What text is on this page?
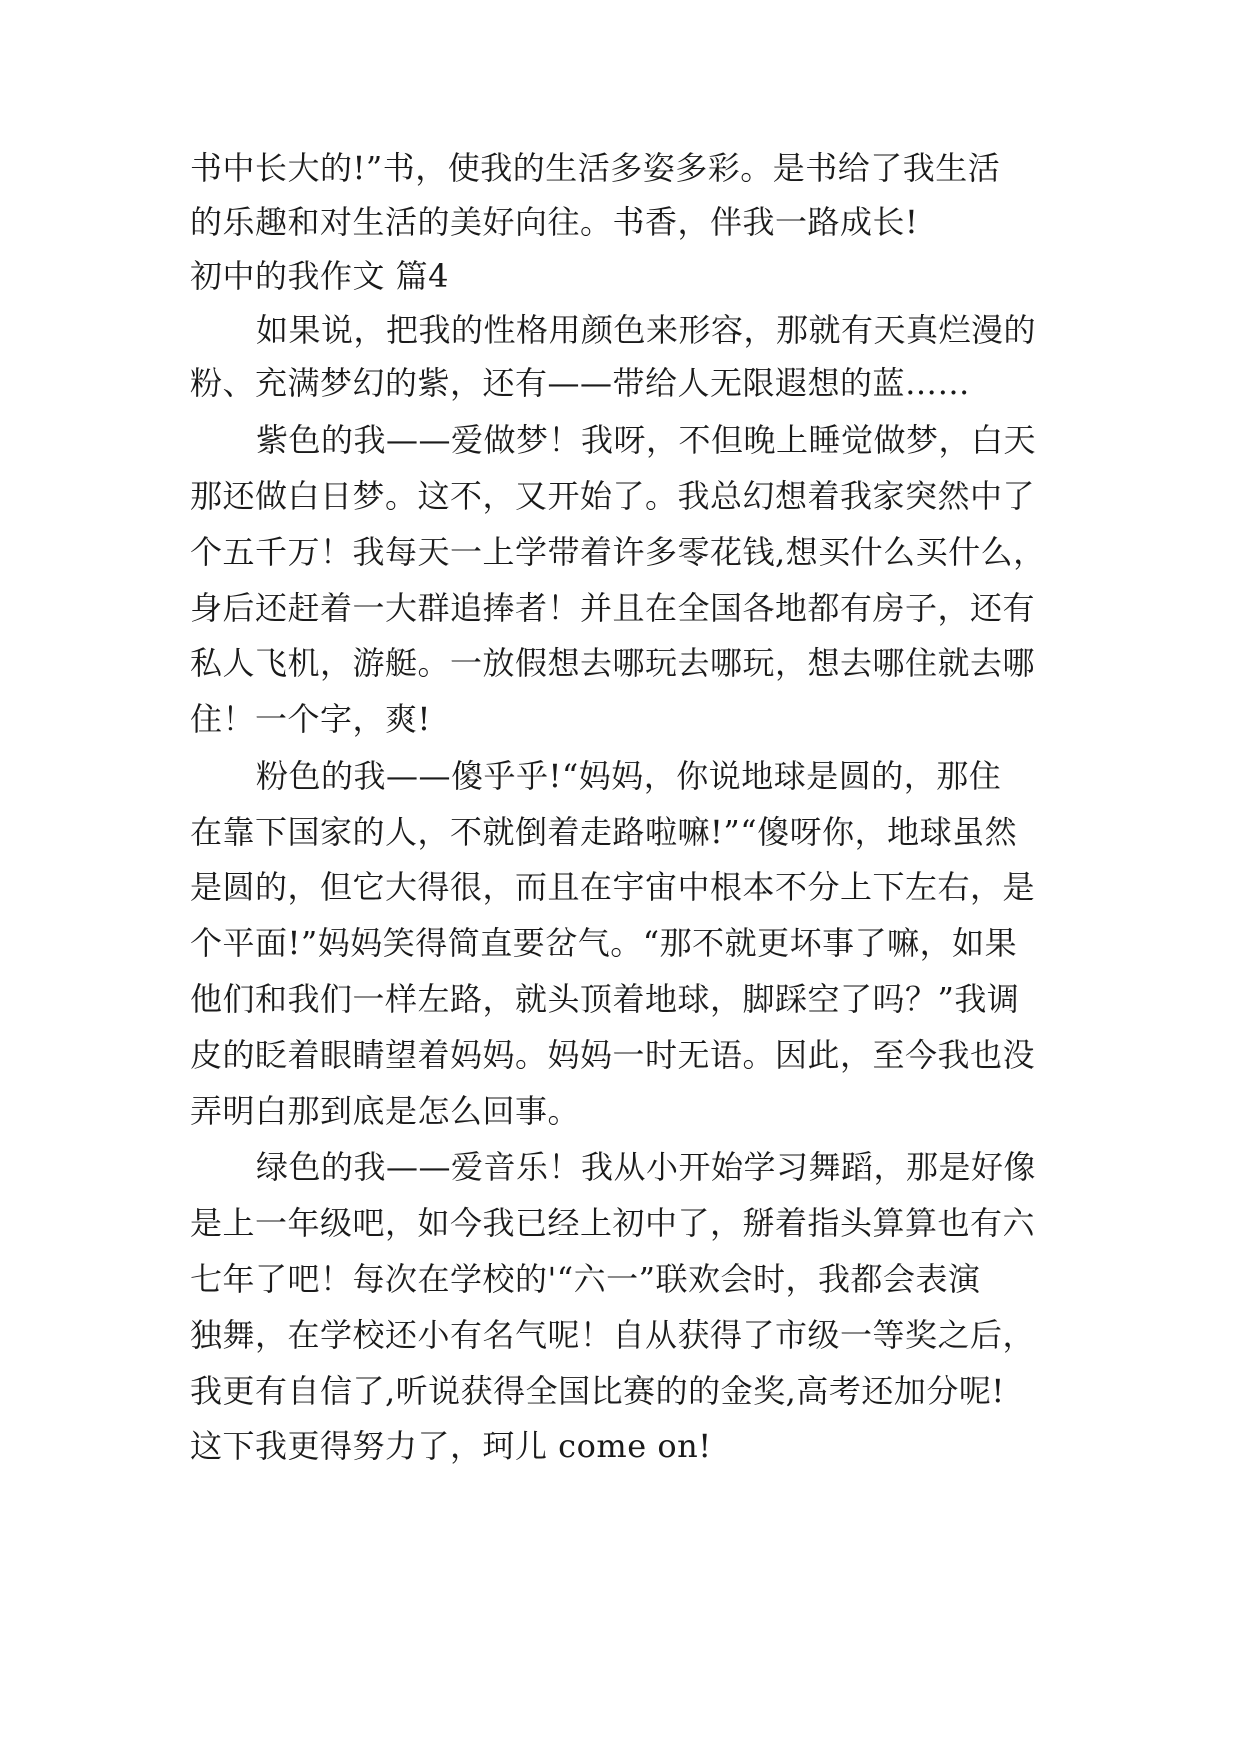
书中长大的!”书，使我的生活多姿多彩。是书给了我生活
的乐趣和对生活的美好向往。书香，伴我一路成长!
初中的我作文 篇4
如果说，把我的性格用颜色来形容，那就有天真烂漫的
粉、充满梦幻的紫，还有——带给人无限遐想的蓝……
紫色的我——爱做梦！我呀，不但晚上睡觉做梦，白天
那还做白日梦。这不，又开始了。我总幻想着我家突然中了
个五千万！我每天一上学带着许多零花钱,想买什么买什么，
身后还赶着一大群追捧者！并且在全国各地都有房子，还有
私人飞机，游艇。一放假想去哪玩去哪玩，想去哪住就去哪
住！一个字，爽!
粉色的我——傻乎乎!“妈妈，你说地球是圆的，那住
在靠下国家的人，不就倒着走路啦嘛!”“傻呀你，地球虽然
是圆的，但它大得很，而且在宇宙中根本不分上下左右，是
个平面!”妈妈笑得简直要岔气。“那不就更坏事了嘛，如果
他们和我们一样左路，就头顶着地球，脚踩空了吗？”我调
皮的眨着眼睛望着妈妈。妈妈一时无语。因此，至今我也没
弄明白那到底是怎么回事。
绿色的我——爱音乐！我从小开始学习舞蹈，那是好像
是上一年级吧，如今我已经上初中了，掰着指头算算也有六
七年了吧！每次在学校的'“六一”联欢会时，我都会表演
独舞，在学校还小有名气呢！自从获得了市级一等奖之后，
我更有自信了,听说获得全国比赛的的金奖,高考还加分呢!
这下我更得努力了，珂儿 come on!
